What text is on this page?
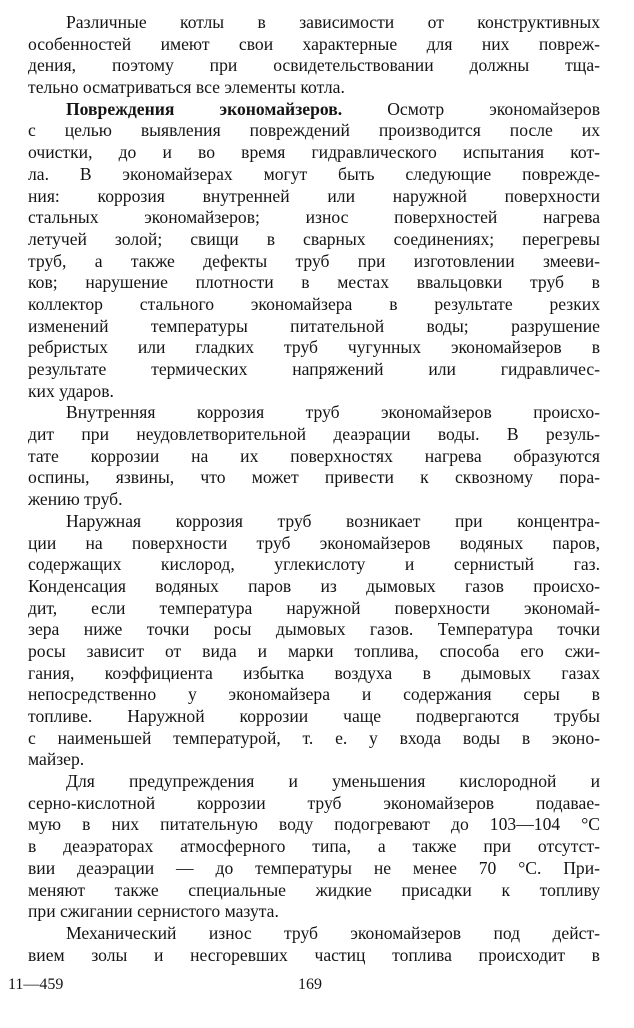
Различные котлы в зависимости от конструктивных
особенностей имеют свои характерные для них повреж-
дения, поэтому при освидетельствовании должны тща-
тельно осматриваться все элементы котла.
Повреждения экономайзеров. Осмотр экономайзеров
с целью выявления повреждений производится после их
очистки, до и во время гидравлического испытания кот-
ла. В экономайзерах могут быть следующие поврежде-
ния: коррозия внутренней или наружной поверхности
стальных экономайзеров; износ поверхностей нагрева
летучей золой; свищи в сварных соединениях; перегревы
труб, а также дефекты труб при изготовлении змееви-
ков; нарушение плотности в местах ввальцовки труб в
коллектор стального экономайзера в результате резких
изменений температуры питательной воды; разрушение
ребристых или гладких труб чугунных экономайзеров в
результате термических напряжений или гидравличес-
ких ударов.
Внутренняя коррозия труб экономайзеров происхо-
дит при неудовлетворительной деаэрации воды. В резуль-
тате коррозии на их поверхностях нагрева образуются
оспины, язвины, что может привести к сквозному пора-
жению труб.
Наружная коррозия труб возникает при концентра-
ции на поверхности труб экономайзеров водяных паров,
содержащих кислород, углекислоту и сернистый газ.
Конденсация водяных паров из дымовых газов происхо-
дит, если температура наружной поверхности экономай-
зера ниже точки росы дымовых газов. Температура точки
росы зависит от вида и марки топлива, способа его сжи-
гания, коэффициента избытка воздуха в дымовых газах
непосредственно у экономайзера и содержания серы в
топливе. Наружной коррозии чаще подвергаются трубы
с наименьшей температурой, т. е. у входа воды в эконо-
майзер.
Для предупреждения и уменьшения кислородной и
серно-кислотной коррозии труб экономайзеров подавае-
мую в них питательную воду подогревают до 103—104 °С
в деаэраторах атмосферного типа, а также при отсутст-
вии деаэрации — до температуры не менее 70 °С. При-
меняют также специальные жидкие присадки к топливу
при сжигании сернистого мазута.
Механический износ труб экономайзеров под дейст-
вием золы и несгоревших частиц топлива происходит в
11—459	169
